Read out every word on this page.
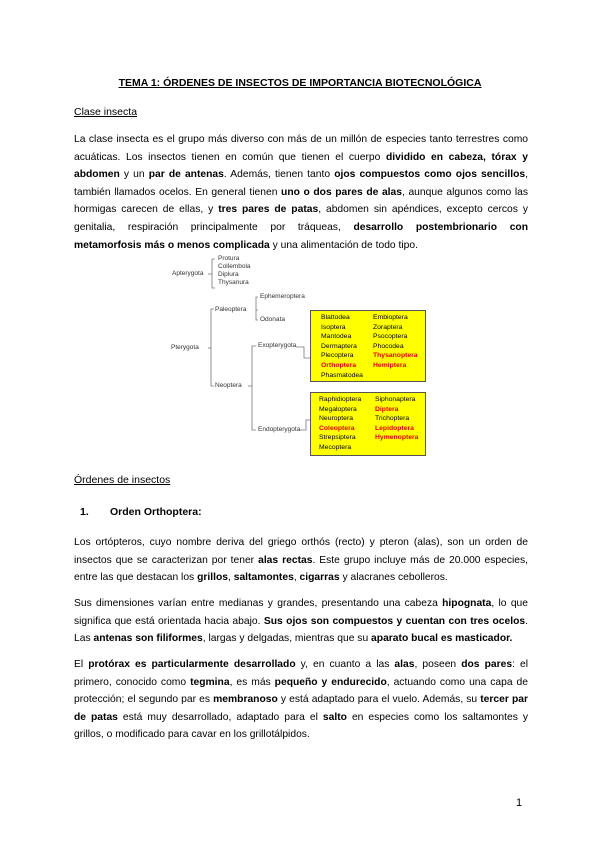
TEMA 1: ÓRDENES DE INSECTOS DE IMPORTANCIA BIOTECNOLÓGICA
Clase insecta
La clase insecta es el grupo más diverso con más de un millón de especies tanto terrestres como acuáticas. Los insectos tienen en común que tienen el cuerpo dividido en cabeza, tórax y abdomen y un par de antenas. Además, tienen tanto ojos compuestos como ojos sencillos, también llamados ocelos. En general tienen uno o dos pares de alas, aunque algunos como las hormigas carecen de ellas, y tres pares de patas, abdomen sin apéndices, excepto cercos y genitalia, respiración principalmente por tráqueas, desarrollo postembrionario con metamorfosis más o menos complicada y una alimentación de todo tipo.
Apterygota
Protura
Collembola
Diplura
Thysanura
Pterygota
Paleoptera
Ephemeroptera
Odonata
Neoptera
Exopterygota
Endopterygota
Blattodea
Isoptera
Mantodea
Dermaptera
Plecoptera
Orthoptera
Phasmatodea
Embioptera
Zoraptera
Psocoptera
Phocodea
Thysanoptera
Hemiptera
Raphidioptera
Megaloptera
Neuroptera
Coleoptera
Strepsiptera
Mecoptera
Siphonaptera
Diptera
Trichoptera
Lepidoptera
Hymenoptera
Órdenes de insectos
1. Orden Orthoptera:
Los ortópteros, cuyo nombre deriva del griego orthós (recto) y pteron (alas), son un orden de insectos que se caracterizan por tener alas rectas. Este grupo incluye más de 20.000 especies, entre las que destacan los grillos, saltamontes, cigarras y alacranes cebolleros.
Sus dimensiones varían entre medianas y grandes, presentando una cabeza hipognata, lo que significa que está orientada hacia abajo. Sus ojos son compuestos y cuentan con tres ocelos. Las antenas son filiformes, largas y delgadas, mientras que su aparato bucal es masticador.
El protórax es particularmente desarrollado y, en cuanto a las alas, poseen dos pares: el primero, conocido como tegmina, es más pequeño y endurecido, actuando como una capa de protección; el segundo par es membranoso y está adaptado para el vuelo. Además, su tercer par de patas está muy desarrollado, adaptado para el salto en especies como los saltamontes y grillos, o modificado para cavar en los grillotálpidos.
1
